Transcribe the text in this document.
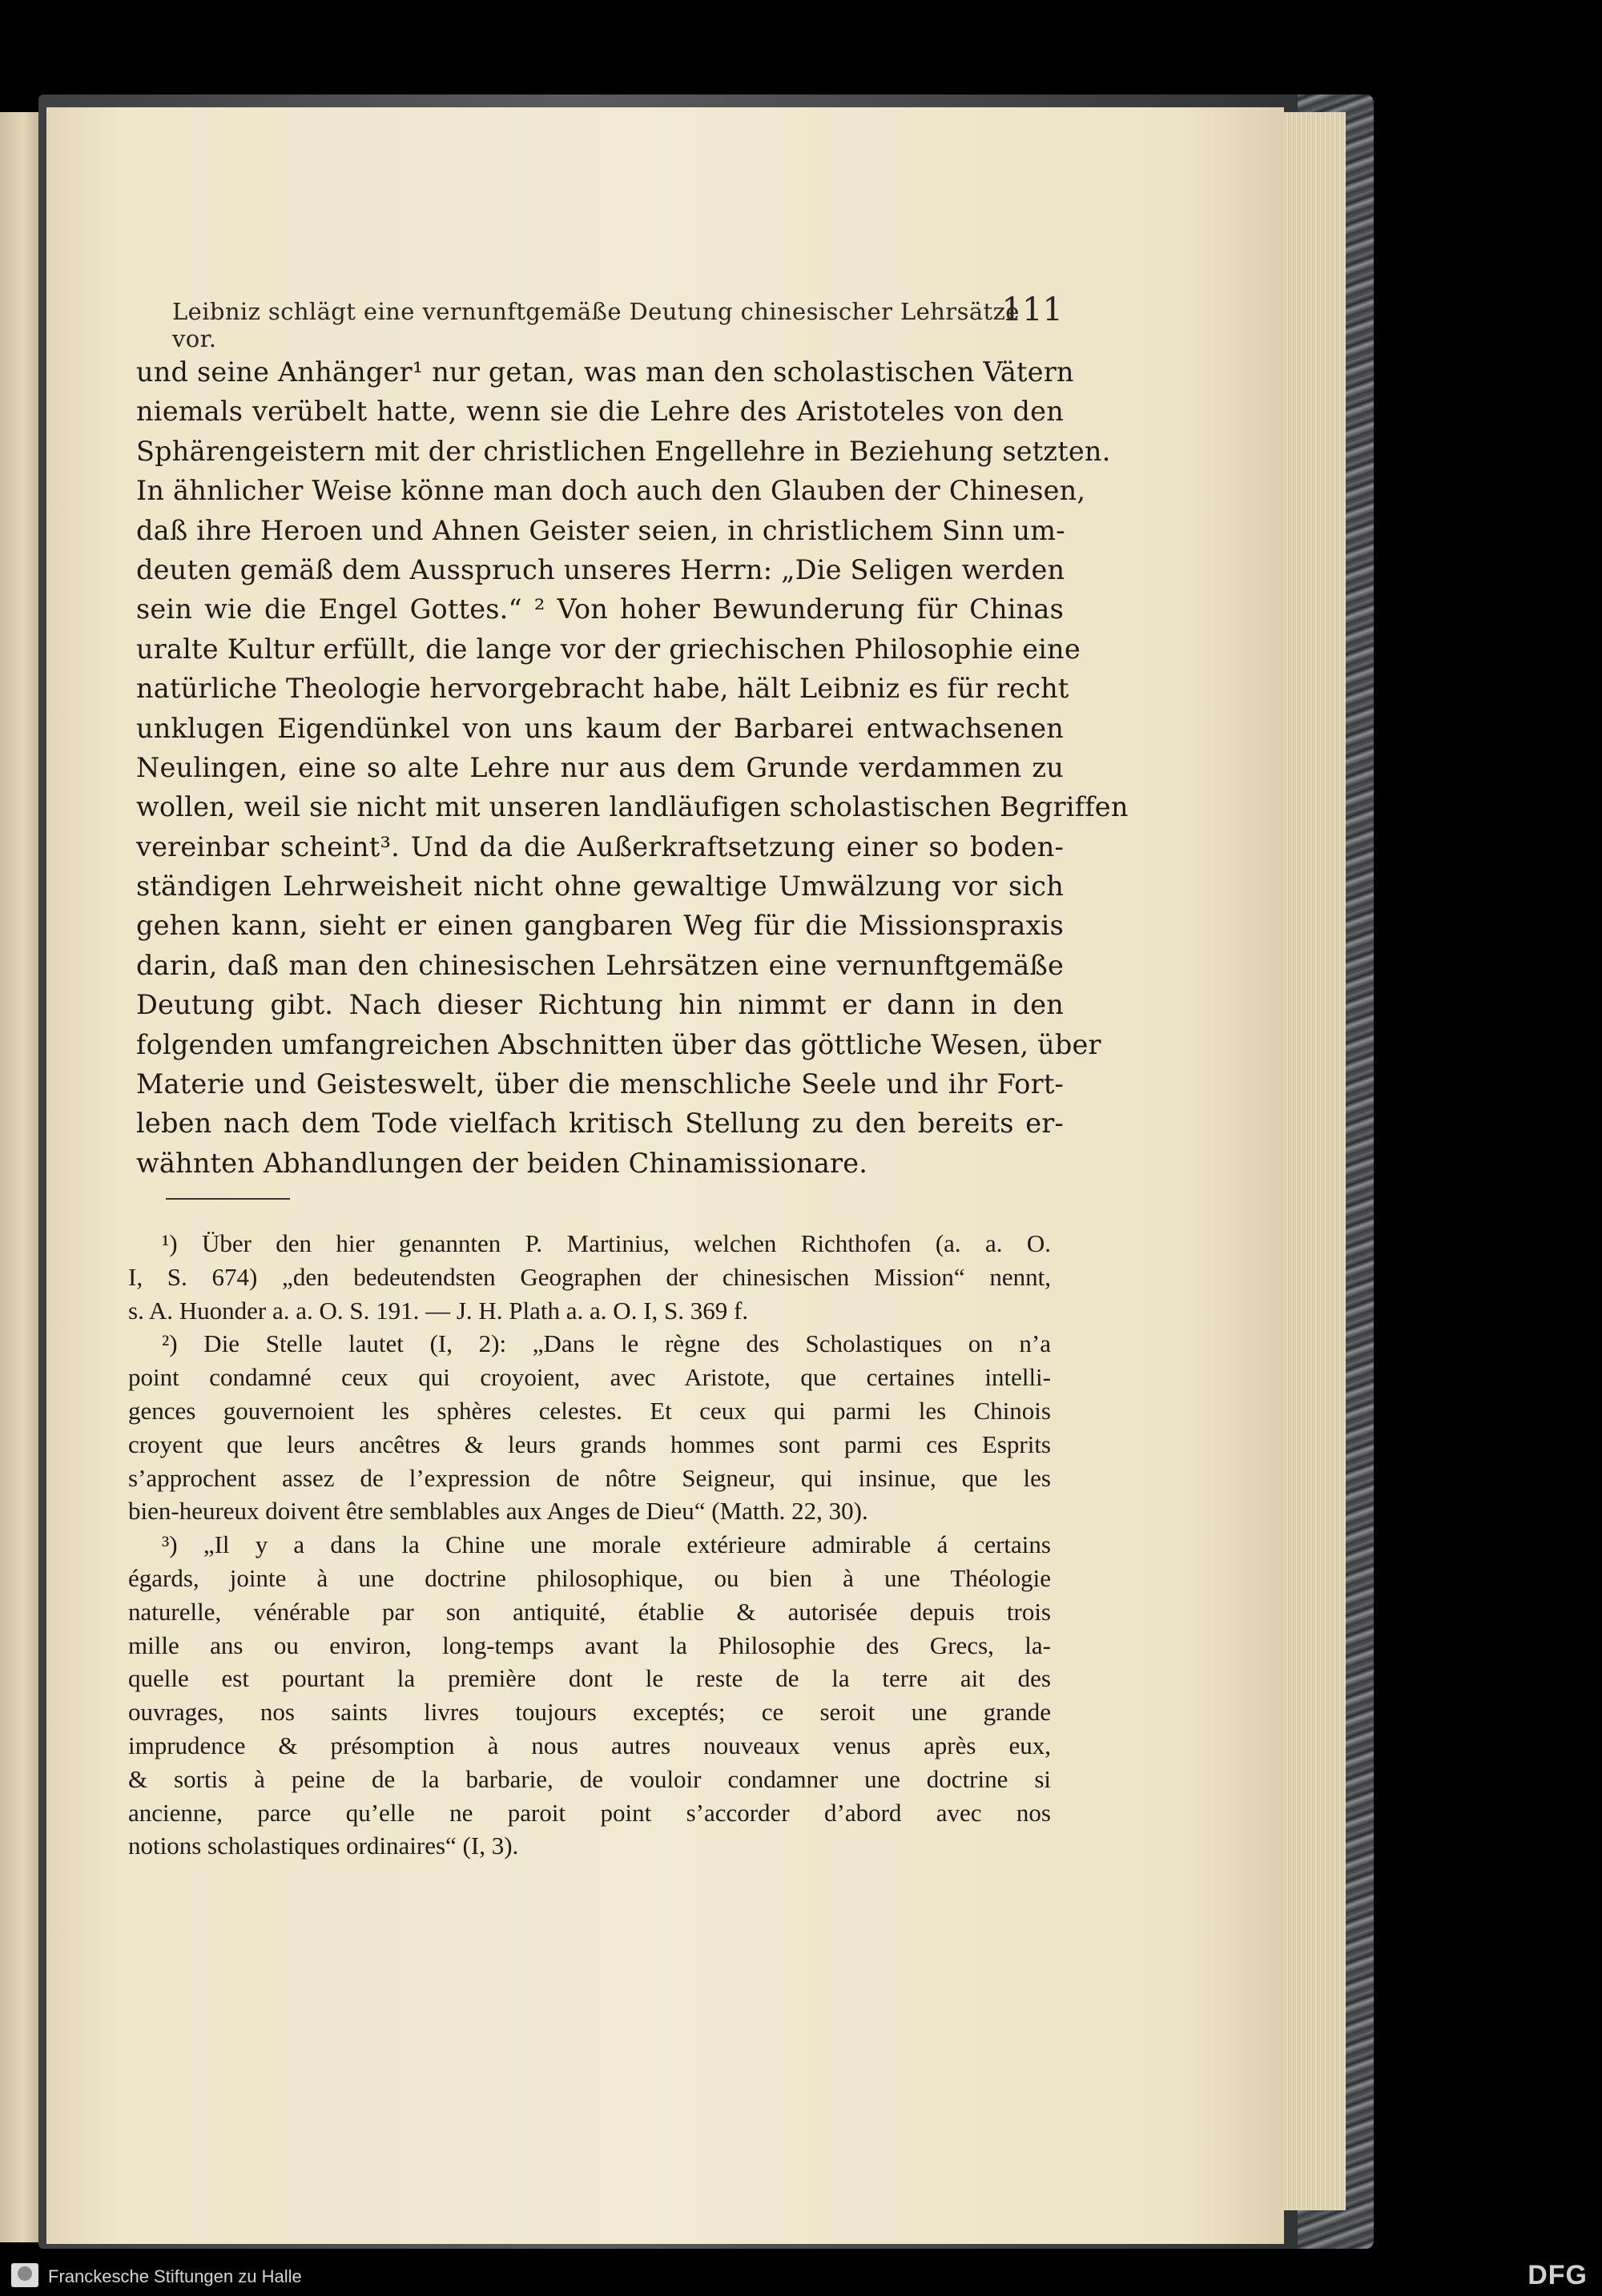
Leibniz schlägt eine vernunftgemäße Deutung chinesischer Lehrsätze vor.
111
und seine Anhänger¹ nur getan, was man den scholastischen Vätern
niemals verübelt hatte, wenn sie die Lehre des Aristoteles von den
Sphärengeistern mit der christlichen Engellehre in Beziehung setzten.
In ähnlicher Weise könne man doch auch den Glauben der Chinesen,
daß ihre Heroen und Ahnen Geister seien, in christlichem Sinn um-
deuten gemäß dem Ausspruch unseres Herrn: „Die Seligen werden
sein wie die Engel Gottes.“ ² Von hoher Bewunderung für Chinas
uralte Kultur erfüllt, die lange vor der griechischen Philosophie eine
natürliche Theologie hervorgebracht habe, hält Leibniz es für recht
unklugen Eigendünkel von uns kaum der Barbarei entwachsenen
Neulingen, eine so alte Lehre nur aus dem Grunde verdammen zu
wollen, weil sie nicht mit unseren landläufigen scholastischen Begriffen
vereinbar scheint³. Und da die Außerkraftsetzung einer so boden-
ständigen Lehrweisheit nicht ohne gewaltige Umwälzung vor sich
gehen kann, sieht er einen gangbaren Weg für die Missionspraxis
darin, daß man den chinesischen Lehrsätzen eine vernunftgemäße
Deutung gibt. Nach dieser Richtung hin nimmt er dann in den
folgenden umfangreichen Abschnitten über das göttliche Wesen, über
Materie und Geisteswelt, über die menschliche Seele und ihr Fort-
leben nach dem Tode vielfach kritisch Stellung zu den bereits er-
wähnten Abhandlungen der beiden Chinamissionare.
¹) Über den hier genannten P. Martinius, welchen Richthofen (a. a. O.
I, S. 674) „den bedeutendsten Geographen der chinesischen Mission“ nennt,
s. A. Huonder a. a. O. S. 191. — J. H. Plath a. a. O. I, S. 369 f.
²) Die Stelle lautet (I, 2): „Dans le règne des Scholastiques on n’a
point condamné ceux qui croyoient, avec Aristote, que certaines intelli-
gences gouvernoient les sphères celestes. Et ceux qui parmi les Chinois
croyent que leurs ancêtres & leurs grands hommes sont parmi ces Esprits
s’approchent assez de l’expression de nôtre Seigneur, qui insinue, que les
bien-heureux doivent être semblables aux Anges de Dieu“ (Matth. 22, 30).
³) „Il y a dans la Chine une morale extérieure admirable á certains
égards, jointe à une doctrine philosophique, ou bien à une Théologie
naturelle, vénérable par son antiquité, établie & autorisée depuis trois
mille ans ou environ, long-temps avant la Philosophie des Grecs, la-
quelle est pourtant la première dont le reste de la terre ait des
ouvrages, nos saints livres toujours exceptés; ce seroit une grande
imprudence & présomption à nous autres nouveaux venus après eux,
& sortis à peine de la barbarie, de vouloir condamner une doctrine si
ancienne, parce qu’elle ne paroit point s’accorder d’abord avec nos
notions scholastiques ordinaires“ (I, 3).
Franckesche Stiftungen zu Halle	DFG
